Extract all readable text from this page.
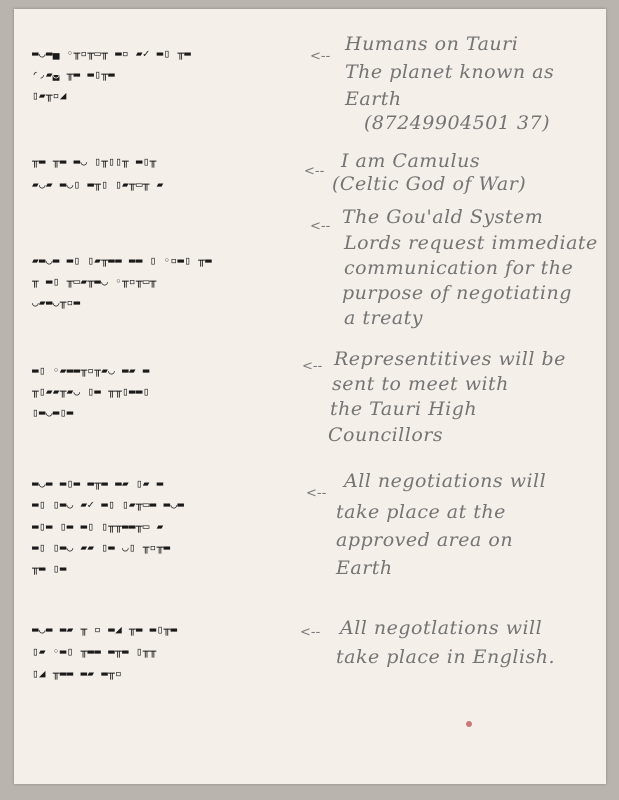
▬◡▬▄ ◦╥▫╥▭╥ ▬▫ ▰✓ ▬▯ ╥▬
◜◞▰◛ ╥▬ ▬▯╥▬
▯▰╥▫◢
╥▬ ╥▬ ▬◡ ▯╥▯▯╥ ▬▯╥
▰◡▰ ▬◡▯ ▬╥▯ ▯▰╥▭╥ ▰
▰▬◡▬ ▬▯ ▯▰╥▬▬ ▬▬ ▯ ◦▫▬▯ ╥▬
╥ ▬▯ ╥▭▰╥▬◡ ◦╥▫╥▭╥
◡▰▬◡╥▫▬
▬▯ ◦▰▬▬╥▫╥▰◡ ▬▰ ▬
╥▯▰▰╥▰◡ ▯▬ ╥╥▯▬▬▯
▯▬◡▬▯▬
▬◡▬ ▬▯▬ ▬╥▬ ▬▰ ▯▰ ▬
▬▯ ▯▬◡ ▰✓ ▬▯ ▯▰╥▭▬ ▬◡▬
▬▯▬ ▯▬ ▬▯ ▯╥╥▬▬╥▭ ▰
▬▯ ▯▬◡ ▰▰ ▯▬ ◡▯ ╥▫╥▬
╥▬ ▯▬
▬◡▬ ▬▰ ╥ ▫ ▬◢ ╥▬ ▬▯╥▬
▯▰ ◦▬▯ ╥▬▬ ▬╥▬ ▯╥╥
▯◢ ╥▬▬ ▬▰ ▬╥▫
<--
<--
<--
<--
<--
<--
Humans on Tauri
The planet known as
Earth
(87249904501 37)
I am Camulus
(Celtic God of War)
The Gou'ald System
Lords request immediate
communication for the
purpose of negotiating
a treaty
Representitives will be
sent to meet with
the Tauri High
Councillors
All negotiations will
take place at the
approved area on
Earth
All negotlations will
take place in English.
